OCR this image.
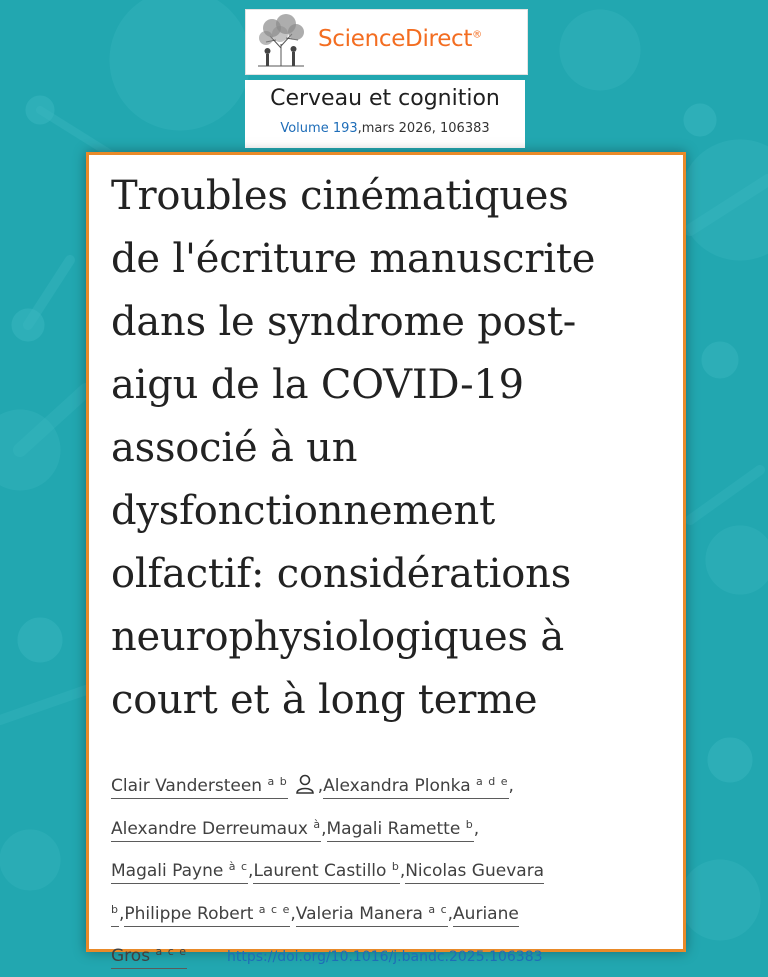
ScienceDirect®
Cerveau et cognition
Volume 193,mars 2026, 106383
Troubles cinématiques
de l'écriture manuscrite
dans le syndrome post-
aigu de la COVID-19
associé à un
dysfonctionnement
olfactif: considérations
neurophysiologiques à
court et à long terme
Clair Vandersteen $^{a b}$ ,Alexandra Plonka $^{a d e}$,
Alexandre Derreumaux $^à$,Magali Ramette $^b$,
Magali Payne $^{à c}$,Laurent Castillo $^b$,Nicolas Guevara
$^b$,Philippe Robert $^{a c e}$,Valeria Manera $^{a c}$,Auriane
Gros $^{a c e}$	https://doi.org/10.1016/j.bandc.2025.106383
